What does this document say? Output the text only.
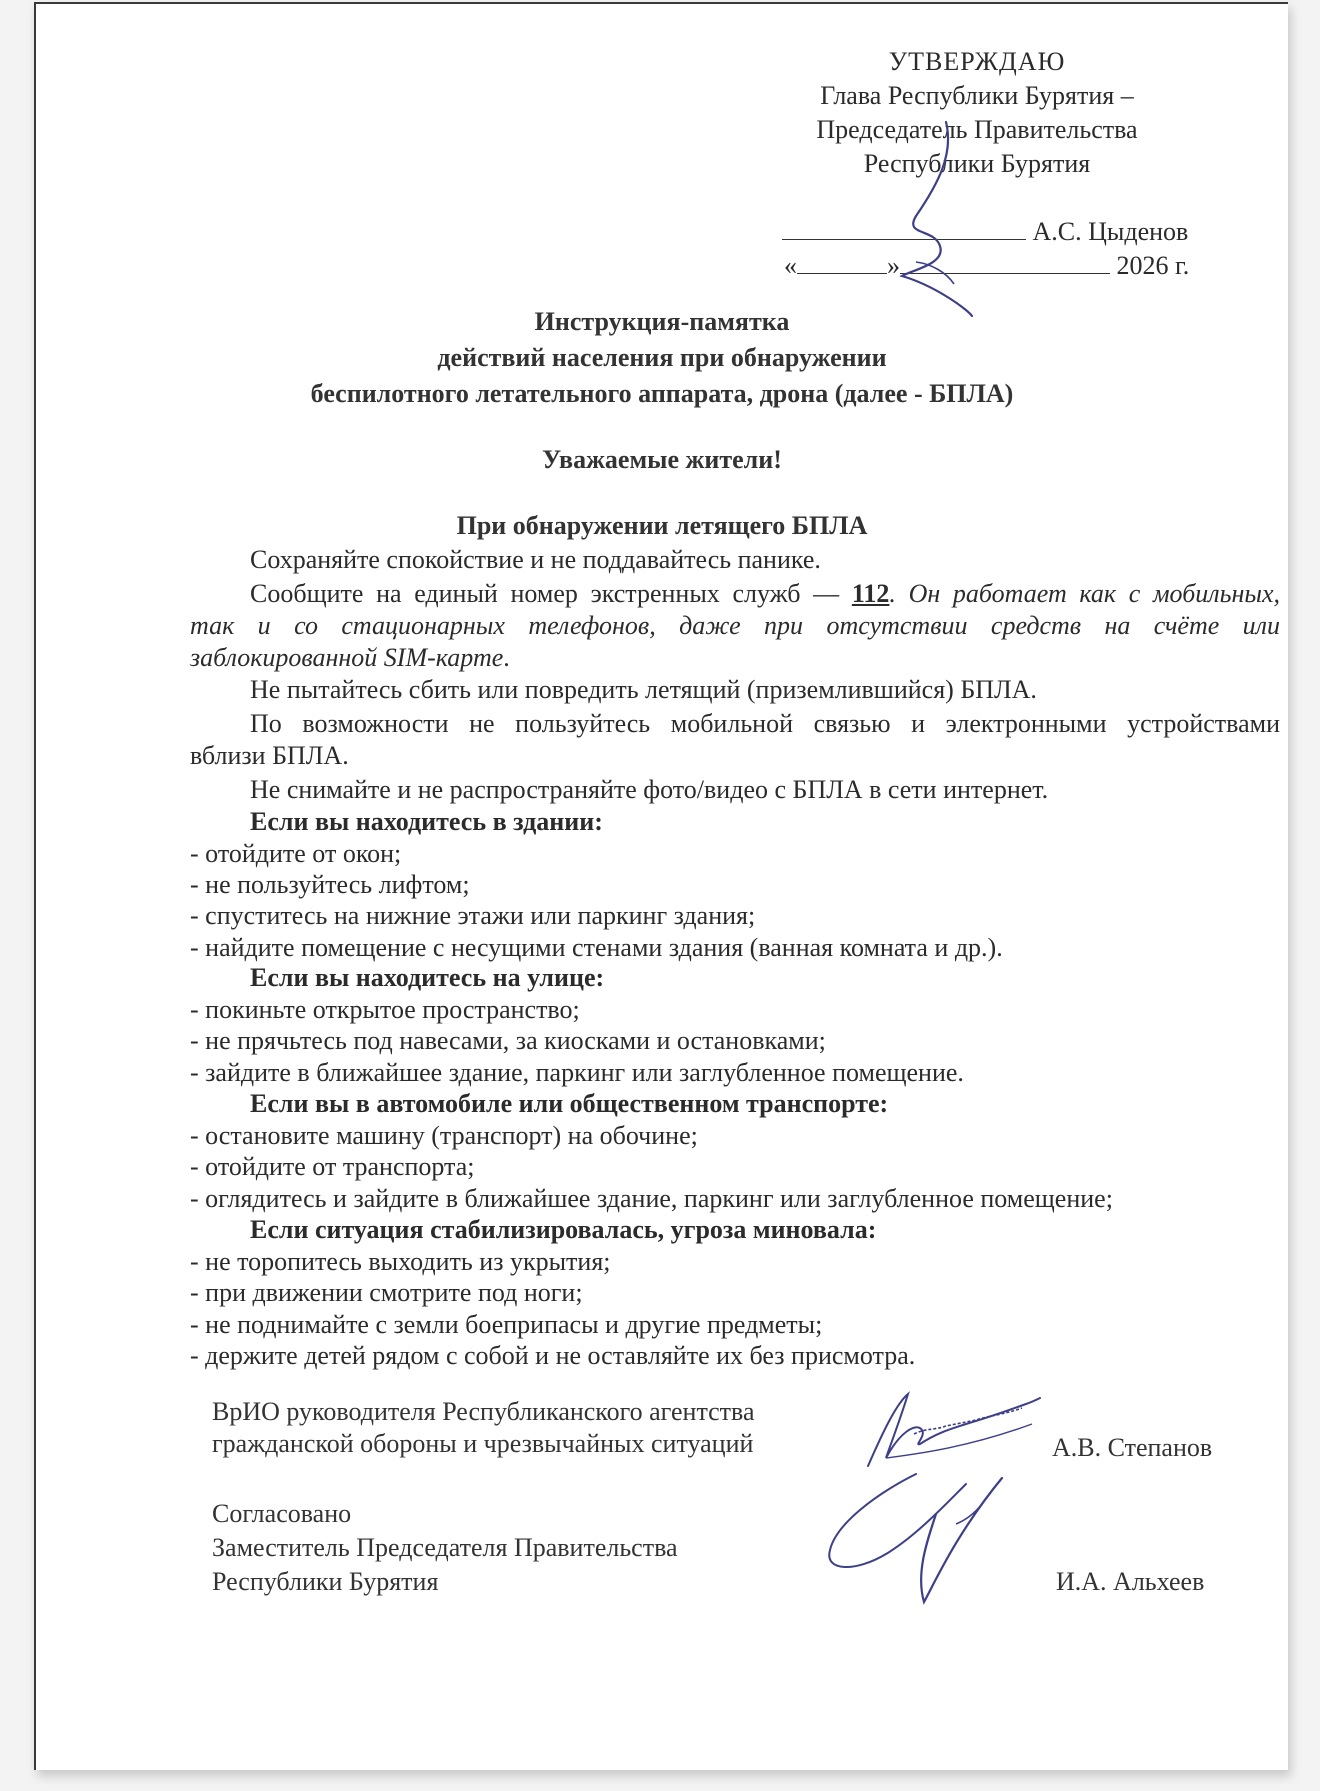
УТВЕРЖДАЮ
Глава Республики Бурятия –
Председатель Правительства
Республики Бурятия
А.С. Цыденов
«	»	2026 г.
Инструкция-памятка
действий населения при обнаружении
беспилотного летательного аппарата, дрона (далее - БПЛА)
Уважаемые жители!
При обнаружении летящего БПЛА
Сохраняйте спокойствие и не поддавайтесь панике.
Сообщите на единый номер экстренных служб — 112. Он работает как с мобильных,
так и со стационарных телефонов, даже при отсутствии средств на счёте или
заблокированной SIM-карте.
Не пытайтесь сбить или повредить летящий (приземлившийся) БПЛА.
По возможности не пользуйтесь мобильной связью и электронными устройствами
вблизи БПЛА.
Не снимайте и не распространяйте фото/видео с БПЛА в сети интернет.
Если вы находитесь в здании:
- отойдите от окон;
- не пользуйтесь лифтом;
- спуститесь на нижние этажи или паркинг здания;
- найдите помещение с несущими стенами здания (ванная комната и др.).
Если вы находитесь на улице:
- покиньте открытое пространство;
- не прячьтесь под навесами, за киосками и остановками;
- зайдите в ближайшее здание, паркинг или заглубленное помещение.
Если вы в автомобиле или общественном транспорте:
- остановите машину (транспорт) на обочине;
- отойдите от транспорта;
- оглядитесь и зайдите в ближайшее здание, паркинг или заглубленное помещение;
Если ситуация стабилизировалась, угроза миновала:
- не торопитесь выходить из укрытия;
- при движении смотрите под ноги;
- не поднимайте с земли боеприпасы и другие предметы;
- держите детей рядом с собой и не оставляйте их без присмотра.
ВрИО руководителя Республиканского агентства
гражданской обороны и чрезвычайных ситуаций	А.В. Степанов
Согласовано
Заместитель Председателя Правительства
Республики Бурятия	И.А. Альхеев
